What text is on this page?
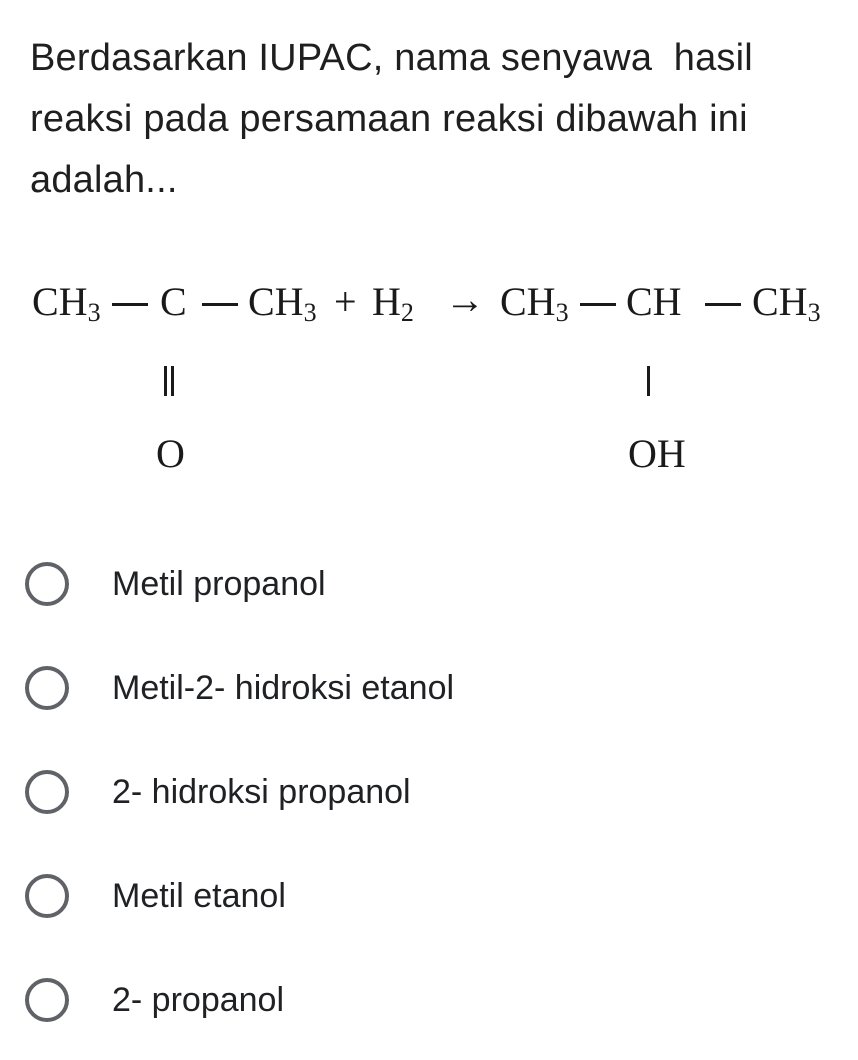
Berdasarkan IUPAC, nama senyawa  hasil
reaksi pada persamaan reaksi dibawah ini
adalah...
$CH_3$ C $CH_3 + H_2$ →
O
$CH_3$ CH $CH_3$
OH
Metil propanol
Metil-2- hidroksi etanol
2- hidroksi propanol
Metil etanol
2- propanol
